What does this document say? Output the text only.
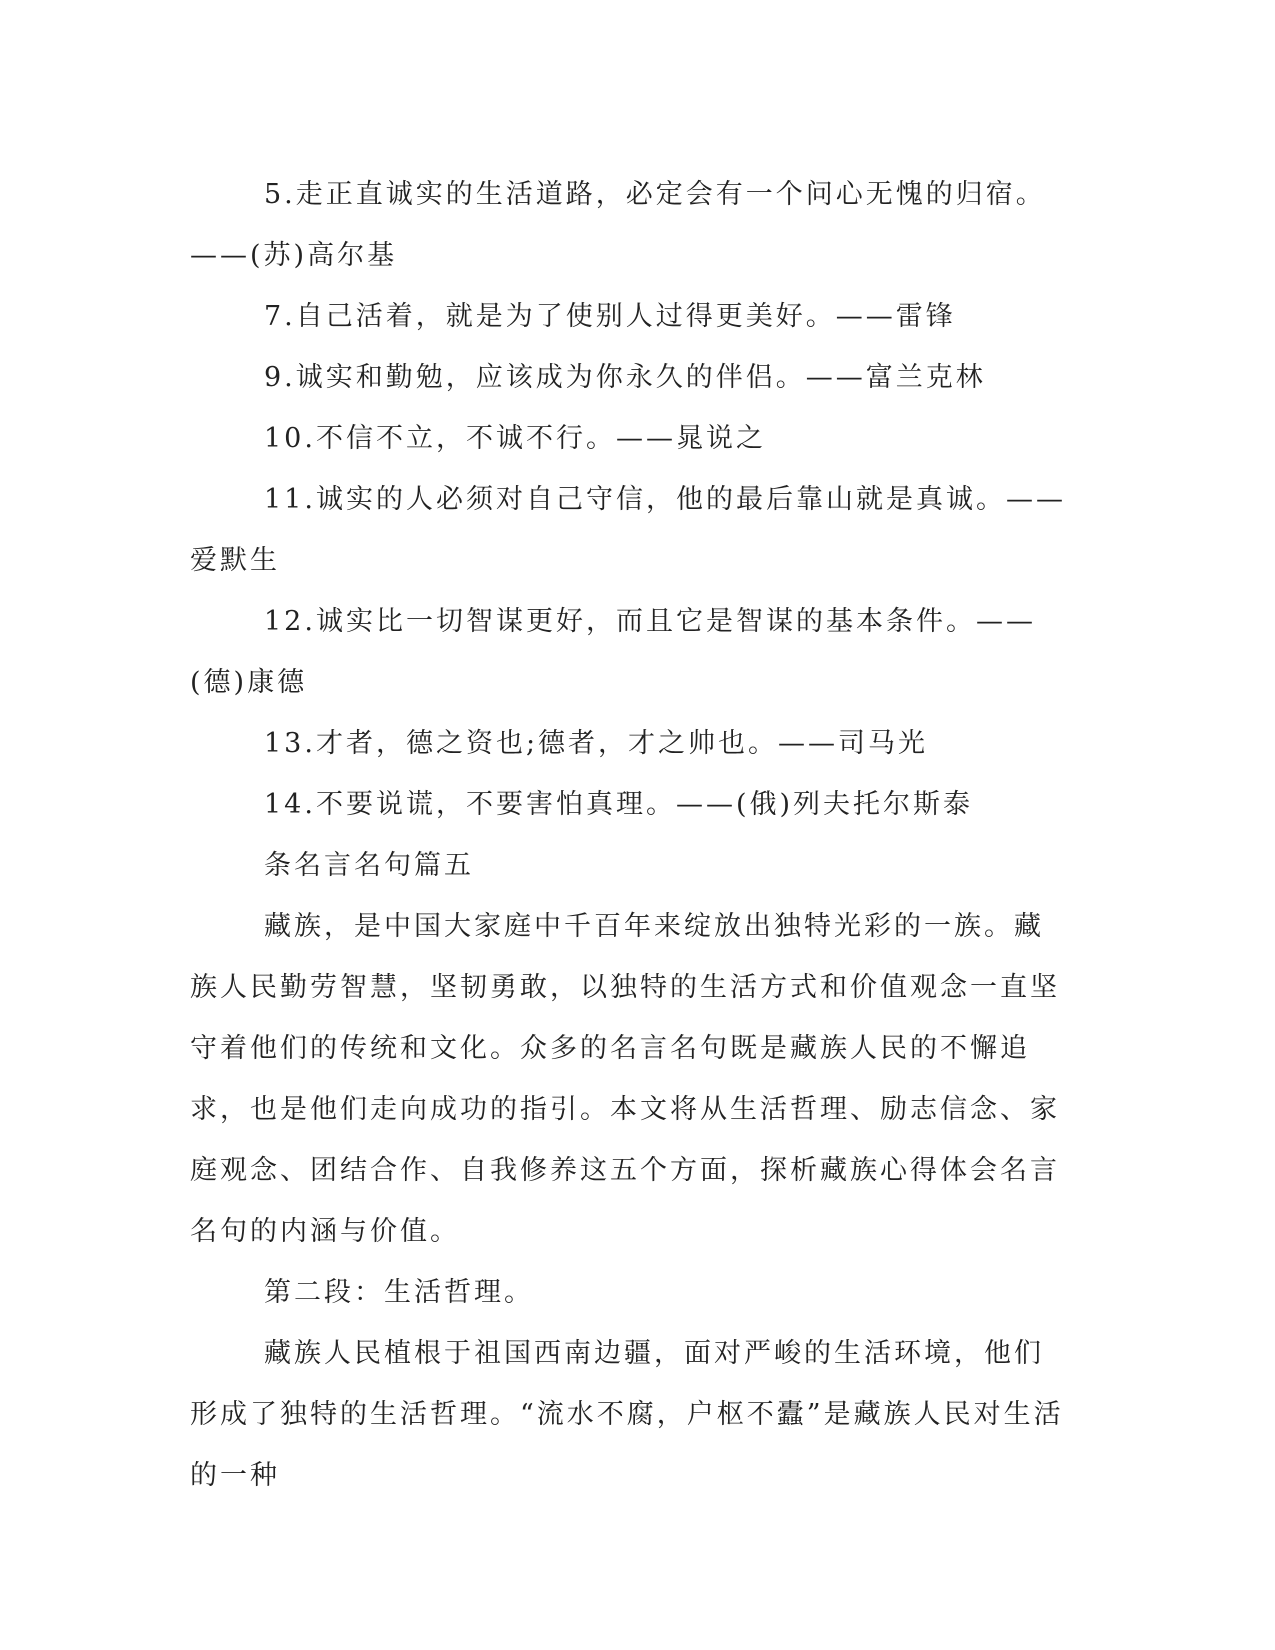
5.走正直诚实的生活道路，必定会有一个问心无愧的归宿。——(苏)高尔基

7.自己活着，就是为了使别人过得更美好。——雷锋

9.诚实和勤勉，应该成为你永久的伴侣。——富兰克林

10.不信不立，不诚不行。——晁说之

11.诚实的人必须对自己守信，他的最后靠山就是真诚。——爱默生

12.诚实比一切智谋更好，而且它是智谋的基本条件。——(德)康德

13.才者，德之资也;德者，才之帅也。——司马光

14.不要说谎，不要害怕真理。——(俄)列夫托尔斯泰

条名言名句篇五

藏族，是中国大家庭中千百年来绽放出独特光彩的一族。藏族人民勤劳智慧，坚韧勇敢，以独特的生活方式和价值观念一直坚守着他们的传统和文化。众多的名言名句既是藏族人民的不懈追求，也是他们走向成功的指引。本文将从生活哲理、励志信念、家庭观念、团结合作、自我修养这五个方面，探析藏族心得体会名言名句的内涵与价值。

第二段：生活哲理。

藏族人民植根于祖国西南边疆，面对严峻的生活环境，他们形成了独特的生活哲理。“流水不腐，户枢不蠹”是藏族人民对生活的一种
